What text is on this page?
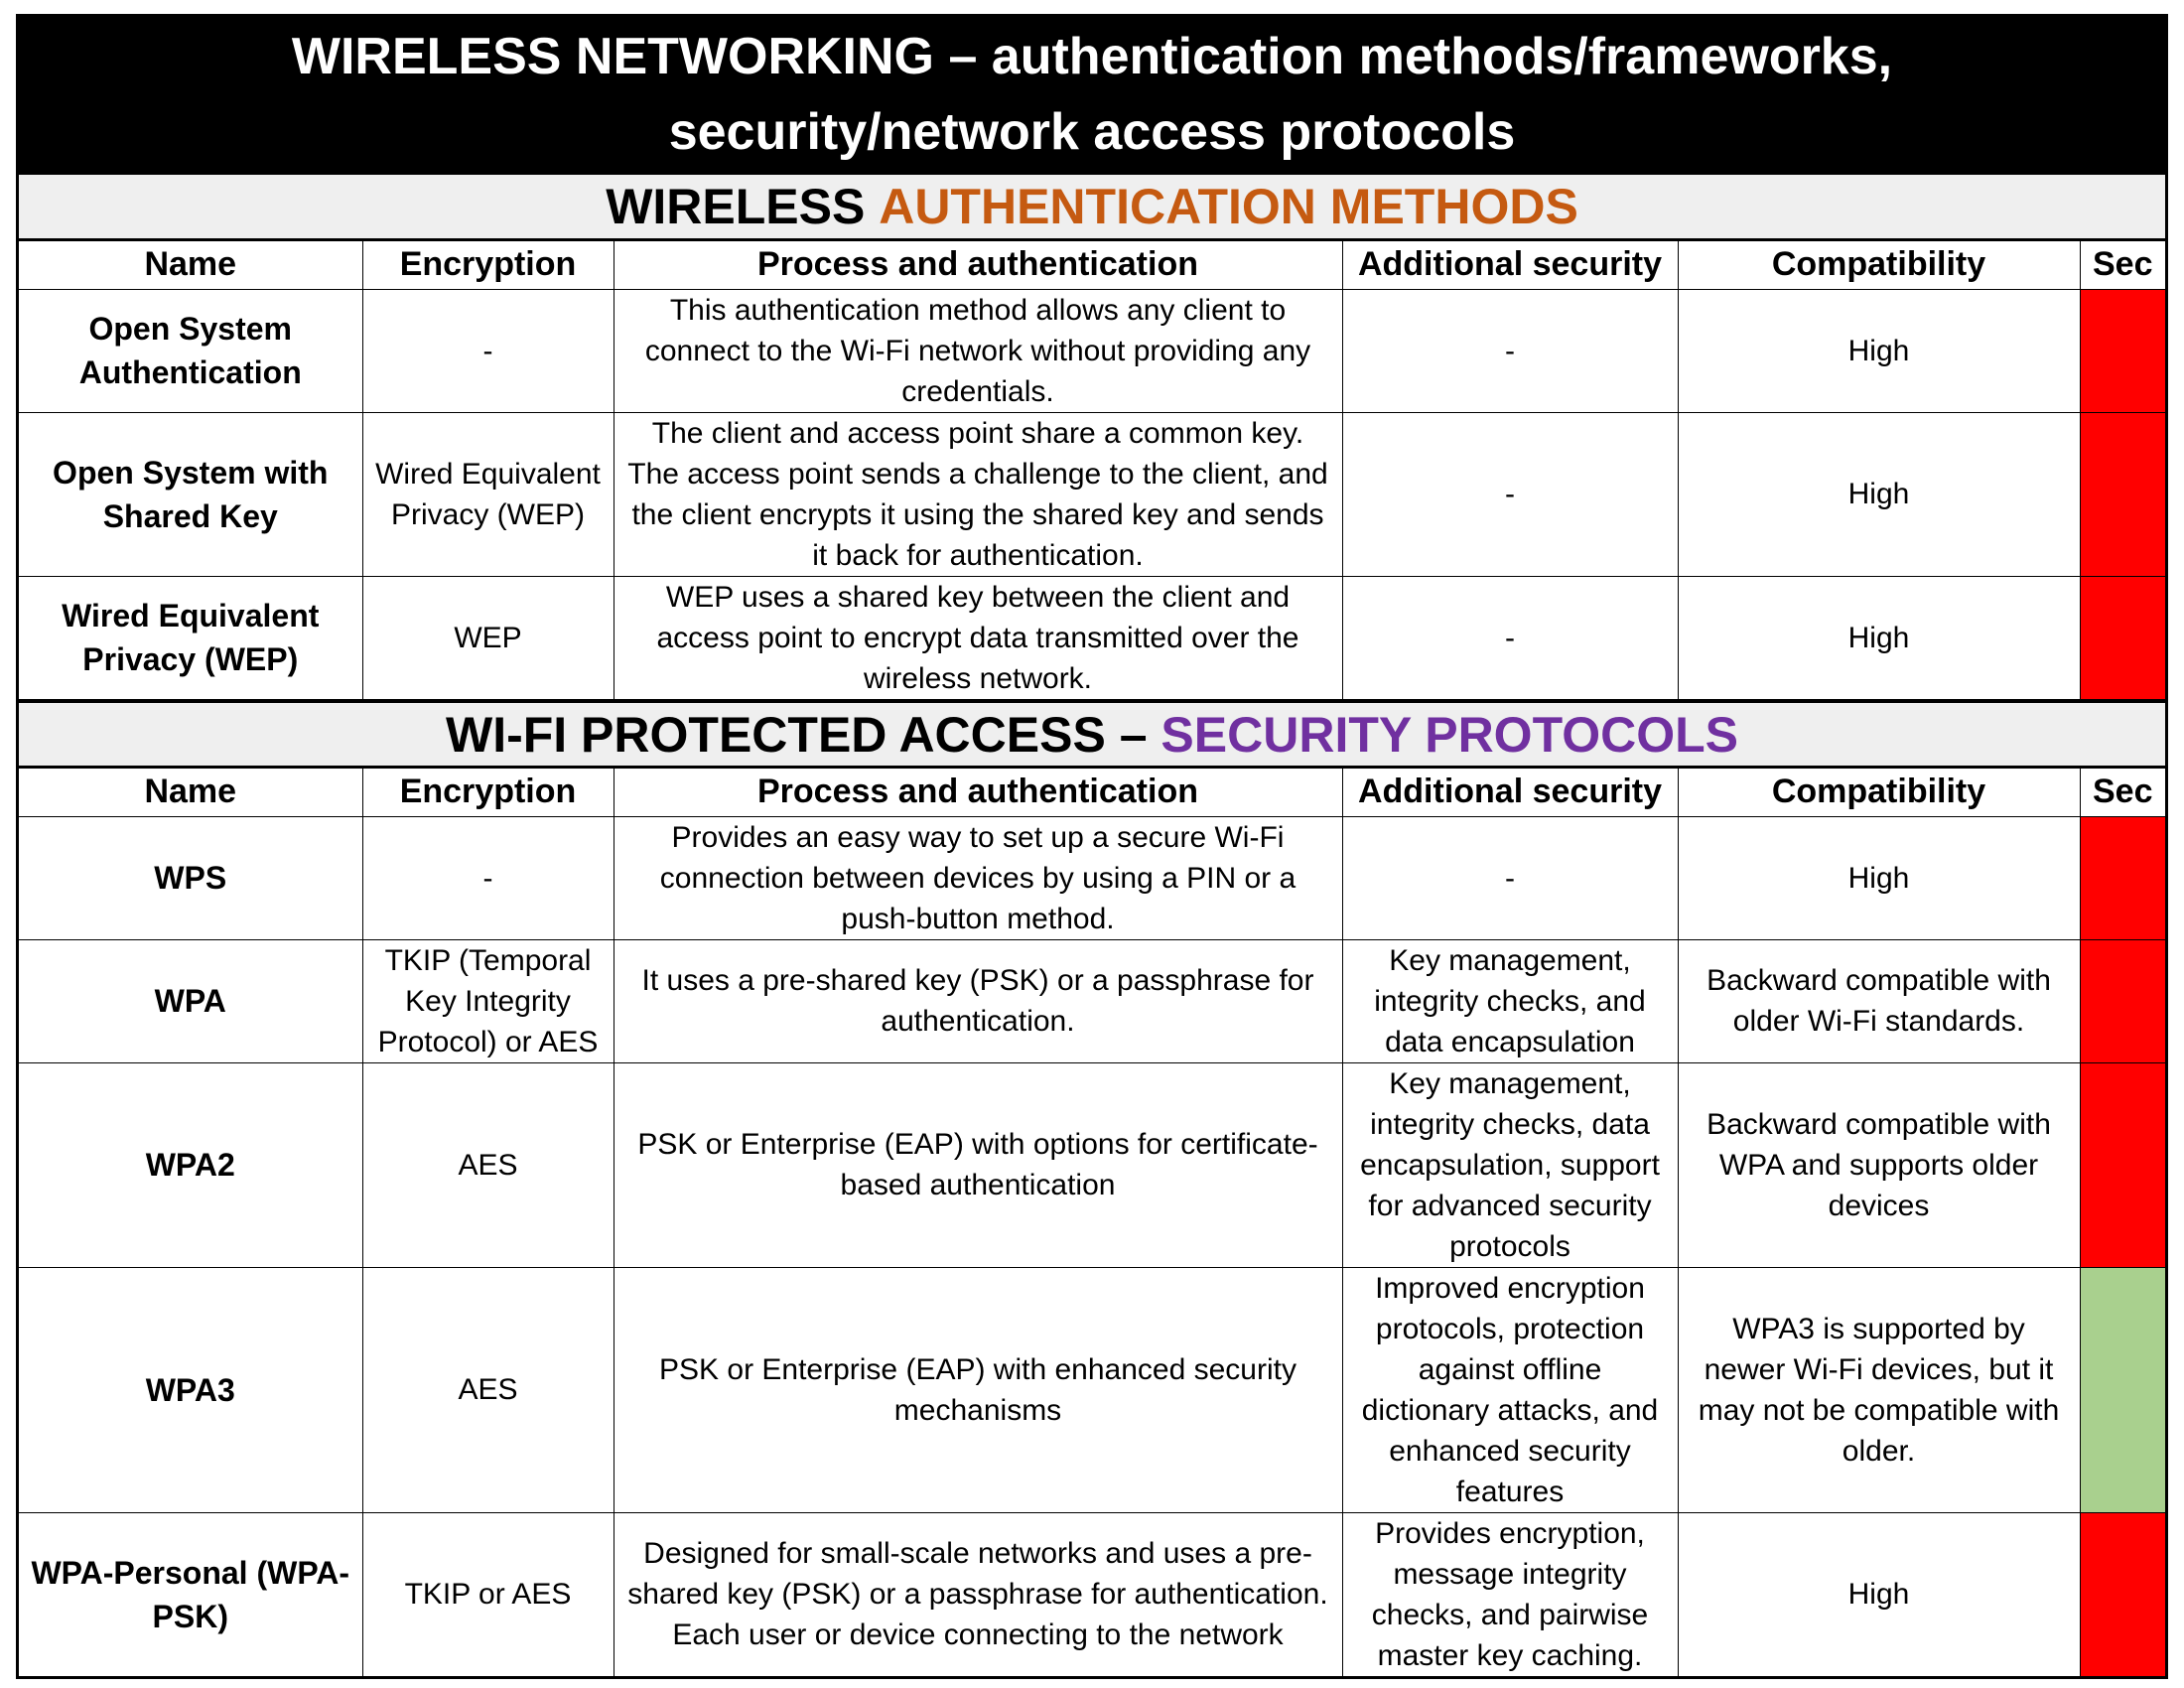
WIRELESS NETWORKING – authentication methods/frameworks,
security/network access protocols
WIRELESS AUTHENTICATION METHODS
Name	Encryption	Process and authentication	Additional security	Compatibility	Sec
Open System Authentication	-	This authentication method allows any client to connect to the Wi-Fi network without providing any credentials.	-	High	
Open System with Shared Key	Wired Equivalent Privacy (WEP)	The client and access point share a common key. The access point sends a challenge to the client, and the client encrypts it using the shared key and sends it back for authentication.	-	High	
Wired Equivalent Privacy (WEP)	WEP	WEP uses a shared key between the client and access point to encrypt data transmitted over the wireless network.	-	High	
WI-FI PROTECTED ACCESS – SECURITY PROTOCOLS
Name	Encryption	Process and authentication	Additional security	Compatibility	Sec
WPS	-	Provides an easy way to set up a secure Wi-Fi connection between devices by using a PIN or a push-button method.	-	High	
WPA	TKIP (Temporal Key Integrity Protocol) or AES	It uses a pre-shared key (PSK) or a passphrase for authentication.	Key management, integrity checks, and data encapsulation	Backward compatible with older Wi-Fi standards.	
WPA2	AES	PSK or Enterprise (EAP) with options for certificate-based authentication	Key management, integrity checks, data encapsulation, support for advanced security protocols	Backward compatible with WPA and supports older devices	
WPA3	AES	PSK or Enterprise (EAP) with enhanced security mechanisms	Improved encryption protocols, protection against offline dictionary attacks, and enhanced security features	WPA3 is supported by newer Wi-Fi devices, but it may not be compatible with older.	
WPA-Personal (WPA-PSK)	TKIP or AES	Designed for small-scale networks and uses a pre-shared key (PSK) or a passphrase for authentication. Each user or device connecting to the network	Provides encryption, message integrity checks, and pairwise master key caching.	High	
